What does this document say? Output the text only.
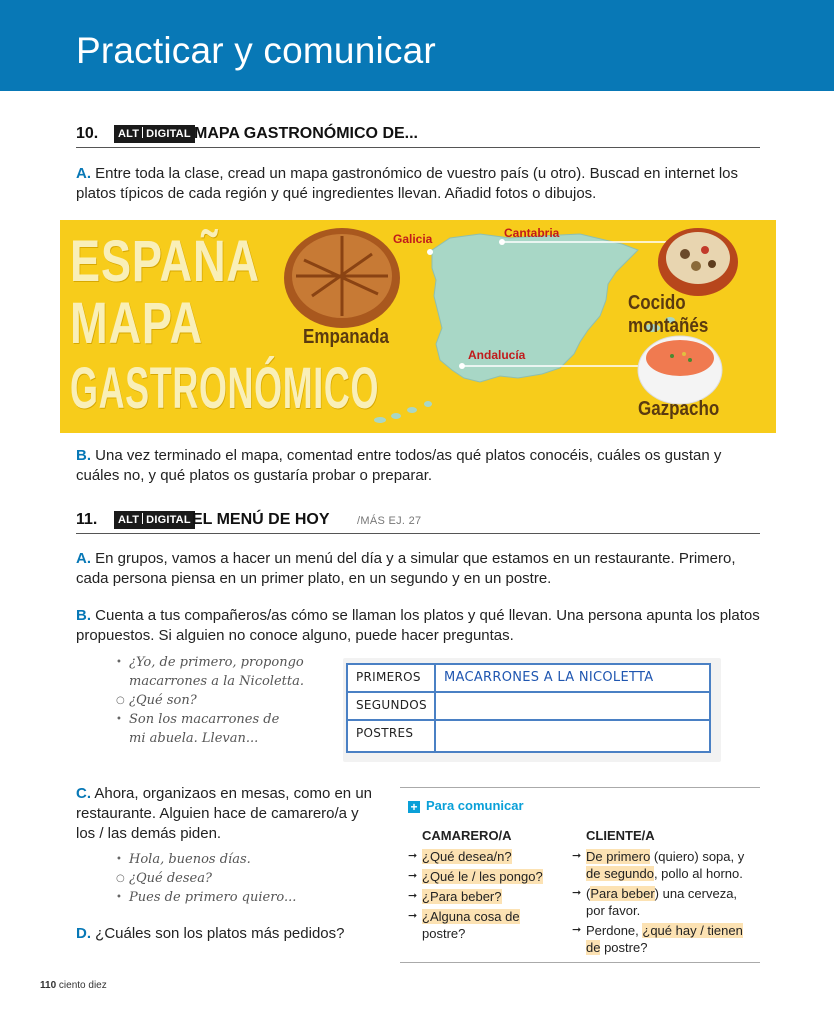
Practicar y comunicar
10.	ALT DIGITAL MAPA GASTRONÓMICO DE...
A. Entre toda la clase, cread un mapa gastronómico de vuestro país (u otro). Buscad en internet los platos típicos de cada región y qué ingredientes llevan. Añadid fotos o dibujos.
ESPAÑA
MAPA
GASTRONÓMICO
Galicia	Cantabria
Andalucía
Empanada
Cocido montañés
Gazpacho
B. Una vez terminado el mapa, comentad entre todos/as qué platos conocéis, cuáles os gustan y cuáles no, y qué platos os gustaría probar o preparar.
11.	ALT DIGITAL EL MENÚ DE HOY	/MÁS EJ. 27
A. En grupos, vamos a hacer un menú del día y a simular que estamos en un restaurante. Primero, cada persona piensa en un primer plato, en un segundo y en un postre.
B. Cuenta a tus compañeros/as cómo se llaman los platos y qué llevan. Una persona apunta los platos propuestos. Si alguien no conoce alguno, puede hacer preguntas.
• ¿Yo, de primero, propongo macarrones a la Nicoletta.
○ ¿Qué son?
• Son los macarrones de mi abuela. Llevan...
PRIMEROS MACARRONES A LA NICOLETTA
SEGUNDOS
POSTRES
C. Ahora, organizaos en mesas, como en un restaurante. Alguien hace de camarero/a y los / las demás piden.
• Hola, buenos días.
○ ¿Qué desea?
• Pues de primero quiero...
D. ¿Cuáles son los platos más pedidos?
+ Para comunicar
CAMARERO/A
➞ ¿Qué desea/n?
➞ ¿Qué le / les pongo?
➞ ¿Para beber?
➞ ¿Alguna cosa de
postre?
CLIENTE/A
➞ De primero (quiero) sopa, y
de segundo, pollo al horno.
➞ (Para beber) una cerveza,
por favor.
➞ Perdone, ¿qué hay / tienen
de postre?
110 ciento diez
